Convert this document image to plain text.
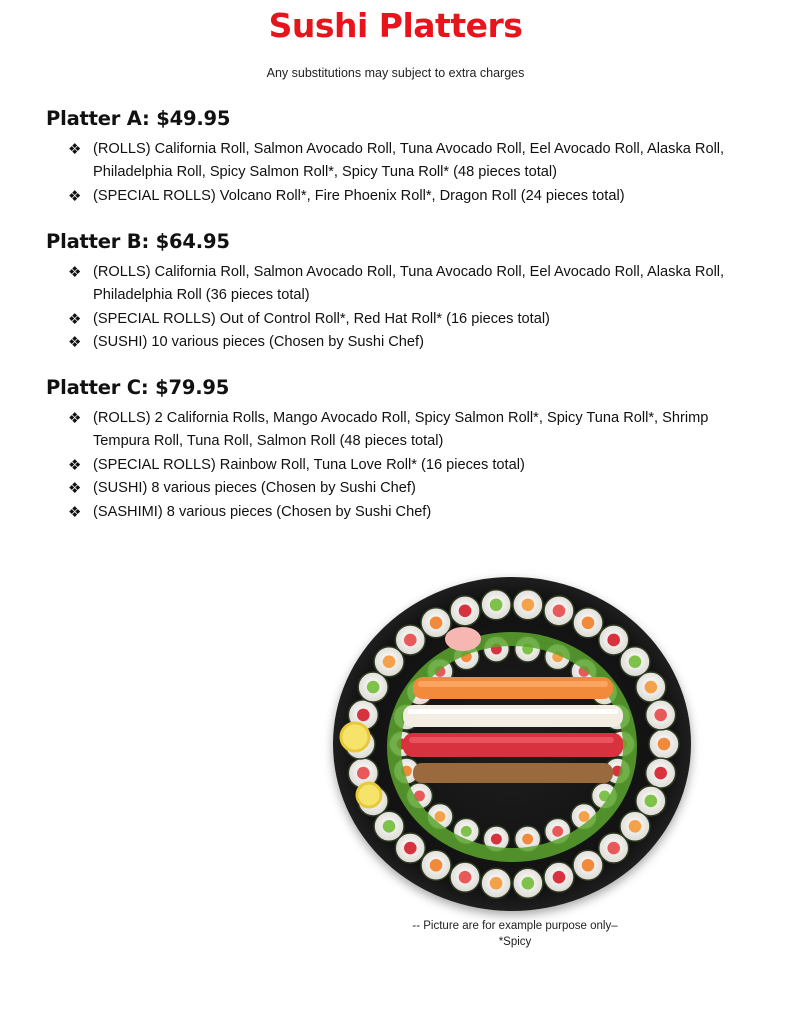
Sushi Platters
Any substitutions may subject to extra charges
Platter A: $49.95
❖ (ROLLS) California Roll, Salmon Avocado Roll, Tuna Avocado Roll, Eel Avocado Roll, Alaska Roll, Philadelphia Roll, Spicy Salmon Roll*, Spicy Tuna Roll* (48 pieces total)
❖ (SPECIAL ROLLS) Volcano Roll*, Fire Phoenix Roll*, Dragon Roll (24 pieces total)
Platter B: $64.95
❖ (ROLLS) California Roll, Salmon Avocado Roll, Tuna Avocado Roll, Eel Avocado Roll, Alaska Roll, Philadelphia Roll (36 pieces total)
❖ (SPECIAL ROLLS) Out of Control Roll*, Red Hat Roll* (16 pieces total)
❖ (SUSHI) 10 various pieces (Chosen by Sushi Chef)
Platter C: $79.95
❖ (ROLLS) 2 California Rolls, Mango Avocado Roll, Spicy Salmon Roll*, Spicy Tuna Roll*, Shrimp Tempura Roll, Tuna Roll, Salmon Roll (48 pieces total)
❖ (SPECIAL ROLLS) Rainbow Roll, Tuna Love Roll* (16 pieces total)
❖ (SUSHI) 8 various pieces (Chosen by Sushi Chef)
❖ (SASHIMI) 8 various pieces (Chosen by Sushi Chef)
-- Picture are for example purpose only–
*Spicy
